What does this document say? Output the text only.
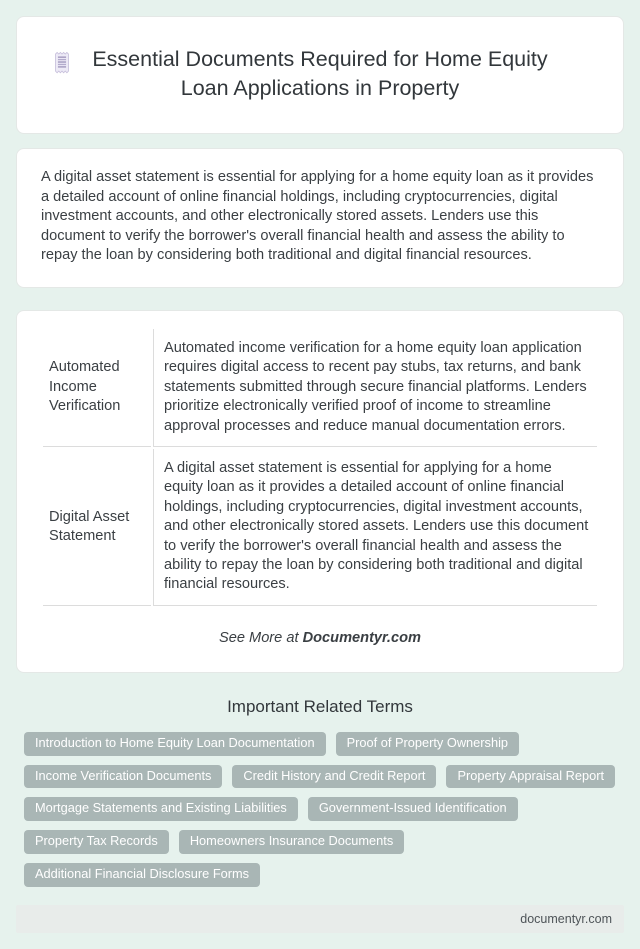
Essential Documents Required for Home Equity Loan Applications in Property

A digital asset statement is essential for applying for a home equity loan as it provides a detailed account of online financial holdings, including cryptocurrencies, digital investment accounts, and other electronically stored assets. Lenders use this document to verify the borrower's overall financial health and assess the ability to repay the loan by considering both traditional and digital financial resources.

Automated Income Verification	Automated income verification for a home equity loan application requires digital access to recent pay stubs, tax returns, and bank statements submitted through secure financial platforms. Lenders prioritize electronically verified proof of income to streamline approval processes and reduce manual documentation errors.
Digital Asset Statement	A digital asset statement is essential for applying for a home equity loan as it provides a detailed account of online financial holdings, including cryptocurrencies, digital investment accounts, and other electronically stored assets. Lenders use this document to verify the borrower's overall financial health and assess the ability to repay the loan by considering both traditional and digital financial resources.
See More at Documentyr.com
Important Related Terms
Introduction to Home Equity Loan Documentation	Proof of Property Ownership
Income Verification Documents	Credit History and Credit Report	Property Appraisal Report
Mortgage Statements and Existing Liabilities	Government-Issued Identification
Property Tax Records	Homeowners Insurance Documents
Additional Financial Disclosure Forms
documentyr.com
